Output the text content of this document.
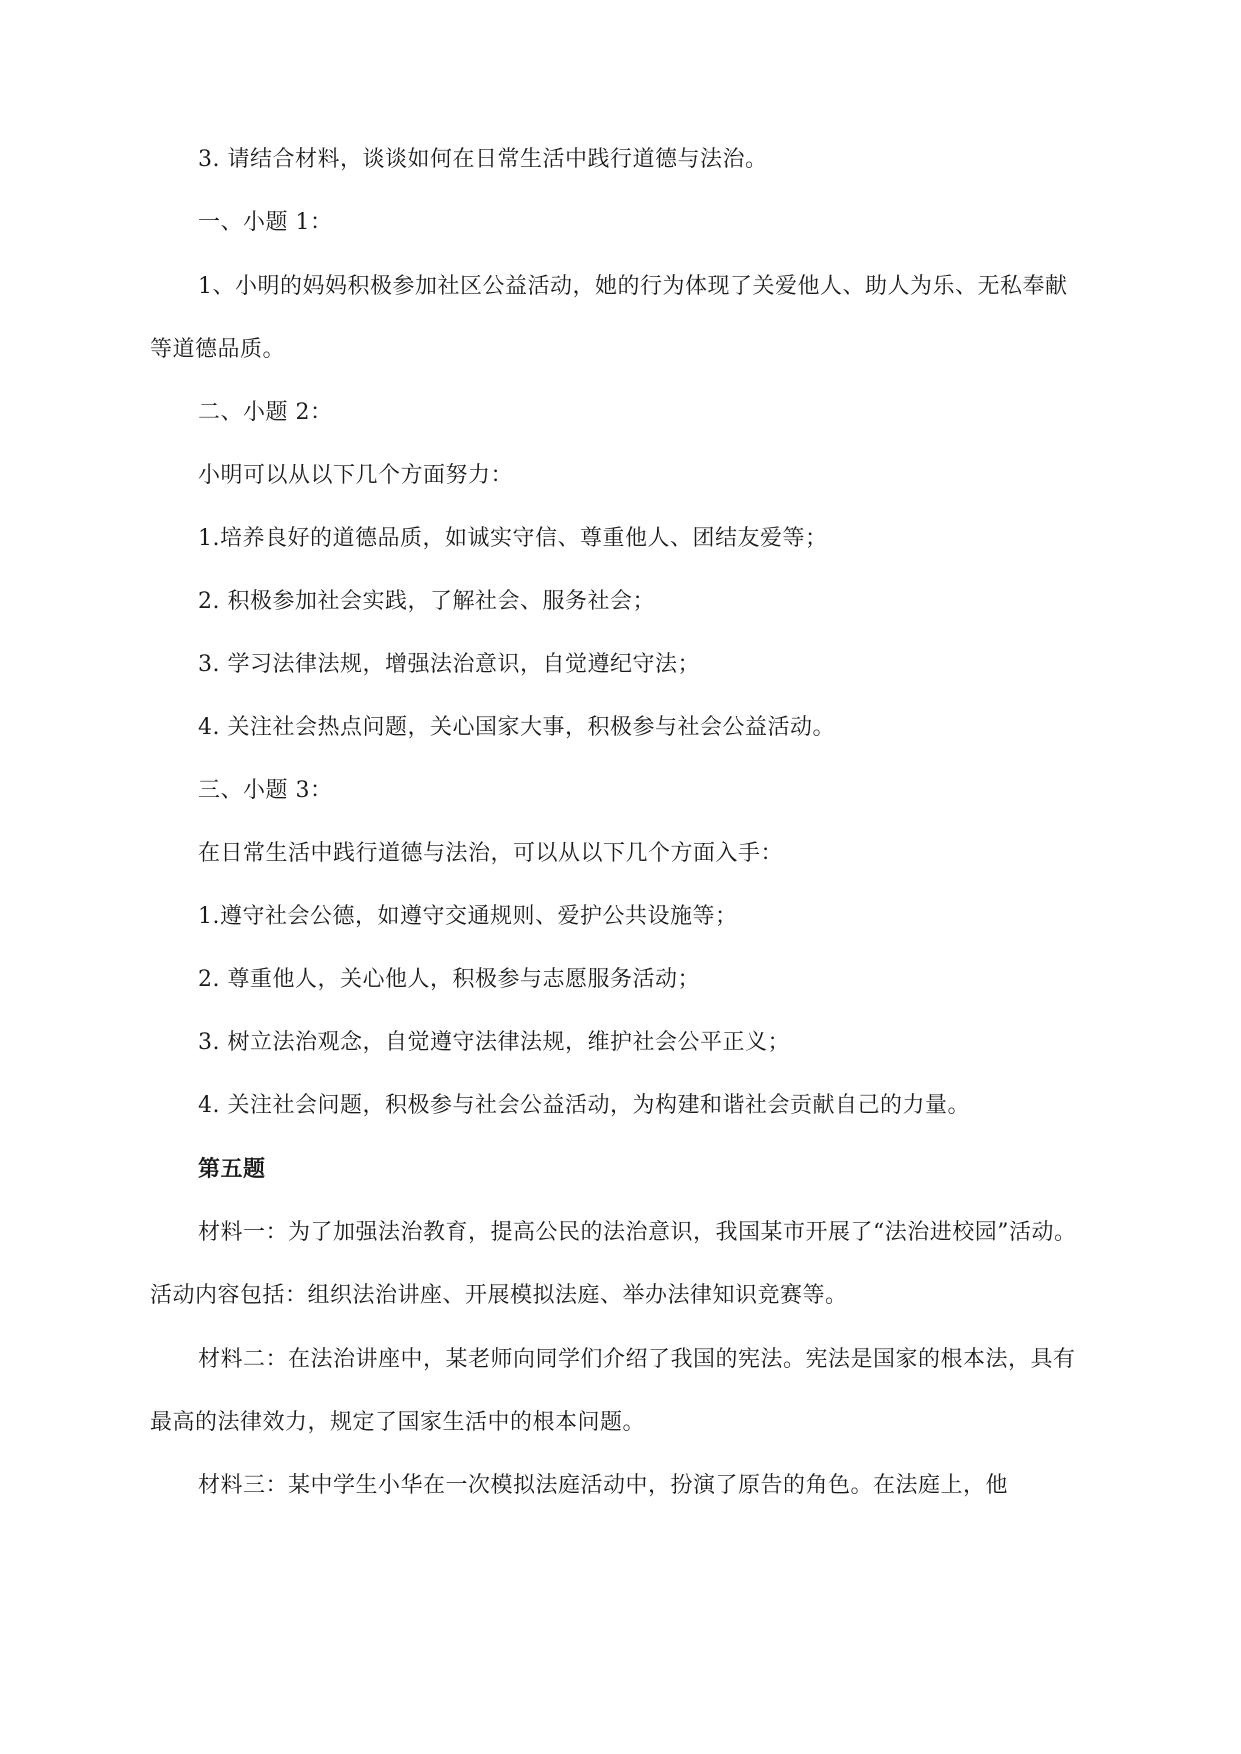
3. 请结合材料，谈谈如何在日常生活中践行道德与法治。

一、小题 1：

1、小明的妈妈积极参加社区公益活动，她的行为体现了关爱他人、助人为乐、无私奉献等道德品质。

二、小题 2：

小明可以从以下几个方面努力：

1.培养良好的道德品质，如诚实守信、尊重他人、团结友爱等；

2. 积极参加社会实践，了解社会、服务社会；

3. 学习法律法规，增强法治意识，自觉遵纪守法；

4. 关注社会热点问题，关心国家大事，积极参与社会公益活动。

三、小题 3：

在日常生活中践行道德与法治，可以从以下几个方面入手：

1.遵守社会公德，如遵守交通规则、爱护公共设施等；

2. 尊重他人，关心他人，积极参与志愿服务活动；

3. 树立法治观念，自觉遵守法律法规，维护社会公平正义；

4. 关注社会问题，积极参与社会公益活动，为构建和谐社会贡献自己的力量。

第五题

材料一：为了加强法治教育，提高公民的法治意识，我国某市开展了“法治进校园”活动。活动内容包括：组织法治讲座、开展模拟法庭、举办法律知识竞赛等。

材料二：在法治讲座中，某老师向同学们介绍了我国的宪法。宪法是国家的根本法，具有最高的法律效力，规定了国家生活中的根本问题。

材料三：某中学生小华在一次模拟法庭活动中，扮演了原告的角色。在法庭上，他
